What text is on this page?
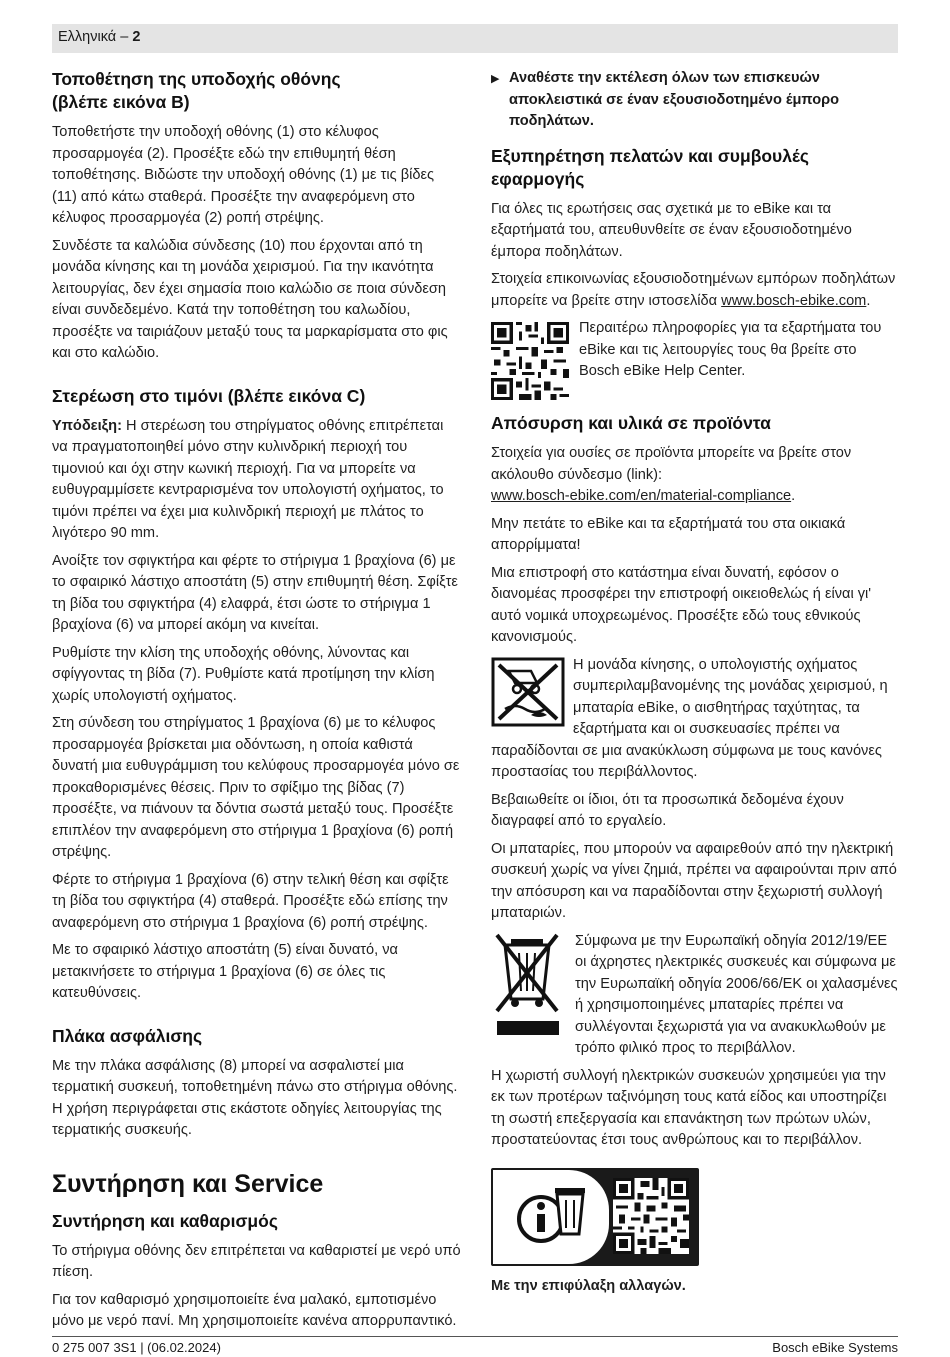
Ελληνικά – 2
Τοποθέτηση της υποδοχής οθόνης
(βλέπε εικόνα B)

Τοποθετήστε την υποδοχή οθόνης (1) στο κέλυφος προσαρμογέα (2). Προσέξτε εδώ την επιθυμητή θέση τοποθέτησης. Βιδώστε την υποδοχή οθόνης (1) με τις βίδες (11) από κάτω σταθερά. Προσέξτε την αναφερόμενη στο κέλυφος προσαρμογέα (2) ροπή στρέψης.

Συνδέστε τα καλώδια σύνδεσης (10) που έρχονται από τη μονάδα κίνησης και τη μονάδα χειρισμού. Για την ικανότητα λειτουργίας, δεν έχει σημασία ποιο καλώδιο σε ποια σύνδεση είναι συνδεδεμένο. Κατά την τοποθέτηση του καλωδίου, προσέξτε να ταιριάζουν μεταξύ τους τα μαρκαρίσματα στο φις και στο καλώδιο.

Στερέωση στο τιμόνι (βλέπε εικόνα C)

Υπόδειξη: Η στερέωση του στηρίγματος οθόνης επιτρέπεται να πραγματοποιηθεί μόνο στην κυλινδρική περιοχή του τιμονιού και όχι στην κωνική περιοχή. Για να μπορείτε να ευθυγραμμίσετε κεντραρισμένα τον υπολογιστή οχήματος, το τιμόνι πρέπει να έχει μια κυλινδρική περιοχή με πλάτος το λιγότερο 90 mm.

Ανοίξτε τον σφιγκτήρα και φέρτε το στήριγμα 1 βραχίονα (6) με το σφαιρικό λάστιχο αποστάτη (5) στην επιθυμητή θέση. Σφίξτε τη βίδα του σφιγκτήρα (4) ελαφρά, έτσι ώστε το στήριγμα 1 βραχίονα (6) να μπορεί ακόμη να κινείται.

Ρυθμίστε την κλίση της υποδοχής οθόνης, λύνοντας και σφίγγοντας τη βίδα (7). Ρυθμίστε κατά προτίμηση την κλίση χωρίς υπολογιστή οχήματος.

Στη σύνδεση του στηρίγματος 1 βραχίονα (6) με το κέλυφος προσαρμογέα βρίσκεται μια οδόντωση, η οποία καθιστά δυνατή μια ευθυγράμμιση του κελύφους προσαρμογέα μόνο σε προκαθορισμένες θέσεις. Πριν το σφίξιμο της βίδας (7) προσέξτε, να πιάνουν τα δόντια σωστά μεταξύ τους. Προσέξτε επιπλέον την αναφερόμενη στο στήριγμα 1 βραχίονα (6) ροπή στρέψης.

Φέρτε το στήριγμα 1 βραχίονα (6) στην τελική θέση και σφίξτε τη βίδα του σφιγκτήρα (4) σταθερά. Προσέξτε εδώ επίσης την αναφερόμενη στο στήριγμα 1 βραχίονα (6) ροπή στρέψης.

Με το σφαιρικό λάστιχο αποστάτη (5) είναι δυνατό, να μετακινήσετε το στήριγμα 1 βραχίονα (6) σε όλες τις κατευθύνσεις.

Πλάκα ασφάλισης

Με την πλάκα ασφάλισης (8) μπορεί να ασφαλιστεί μια τερματική συσκευή, τοποθετημένη πάνω στο στήριγμα οθόνης. Η χρήση περιγράφεται στις εκάστοτε οδηγίες λειτουργίας της τερματικής συσκευής.

Συντήρηση και Service
Συντήρηση και καθαρισμός

Το στήριγμα οθόνης δεν επιτρέπεται να καθαριστεί με νερό υπό πίεση.

Για τον καθαρισμό χρησιμοποιείτε ένα μαλακό, εμποτισμένο μόνο με νερό πανί. Μη χρησιμοποιείτε κανένα απορρυπαντικό.

▶ Αναθέστε την εκτέλεση όλων των επισκευών αποκλειστικά σε έναν εξουσιοδοτημένο έμπορο ποδηλάτων.
Εξυπηρέτηση πελατών και συμβουλές εφαρμογής

Για όλες τις ερωτήσεις σας σχετικά με το eBike και τα εξαρτήματά του, απευθυνθείτε σε έναν εξουσιοδοτημένο έμπορα ποδηλάτων.

Στοιχεία επικοινωνίας εξουσιοδοτημένων εμπόρων ποδηλάτων μπορείτε να βρείτε στην ιστοσελίδα www.bosch-ebike.com.

Περαιτέρω πληροφορίες για τα εξαρτήματα του eBike και τις λειτουργίες τους θα βρείτε στο Bosch eBike Help Center.

Απόσυρση και υλικά σε προϊόντα

Στοιχεία για ουσίες σε προϊόντα μπορείτε να βρείτε στον ακόλουθο σύνδεσμο (link):
www.bosch-ebike.com/en/material-compliance.

Μην πετάτε το eBike και τα εξαρτήματά του στα οικιακά απορρίμματα!

Μια επιστροφή στο κατάστημα είναι δυνατή, εφόσον ο διανομέας προσφέρει την επιστροφή οικειοθελώς ή είναι γι' αυτό νομικά υποχρεωμένος. Προσέξτε εδώ τους εθνικούς κανονισμούς.

Η μονάδα κίνησης, ο υπολογιστής οχήματος συμπεριλαμβανομένης της μονάδας χειρισμού, η μπαταρία eBike, ο αισθητήρας ταχύτητας, τα εξαρτήματα και οι συσκευασίες πρέπει να παραδίδονται σε μια ανακύκλωση σύμφωνα με τους κανόνες προστασίας του περιβάλλοντος.

Βεβαιωθείτε οι ίδιοι, ότι τα προσωπικά δεδομένα έχουν διαγραφεί από το εργαλείο.

Οι μπαταρίες, που μπορούν να αφαιρεθούν από την ηλεκτρική συσκευή χωρίς να γίνει ζημιά, πρέπει να αφαιρούνται πριν από την απόσυρση και να παραδίδονται στην ξεχωριστή συλλογή μπαταριών.

Σύμφωνα με την Ευρωπαϊκή οδηγία 2012/19/ΕΕ οι άχρηστες ηλεκτρικές συσκευές και σύμφωνα με την Ευρωπαϊκή οδηγία 2006/66/ΕΚ οι χαλασμένες ή χρησιμοποιημένες μπαταρίες πρέπει να συλλέγονται ξεχωριστά για να ανακυκλωθούν με τρόπο φιλικό προς το περιβάλλον.

Η χωριστή συλλογή ηλεκτρικών συσκευών χρησιμεύει για την εκ των προτέρων ταξινόμηση τους κατά είδος και υποστηρίζει τη σωστή επεξεργασία και επανάκτηση των πρώτων υλών, προστατεύοντας έτσι τους ανθρώπους και το περιβάλλον.

Με την επιφύλαξη αλλαγών.

0 275 007 3S1 | (06.02.2024)	Bosch eBike Systems
